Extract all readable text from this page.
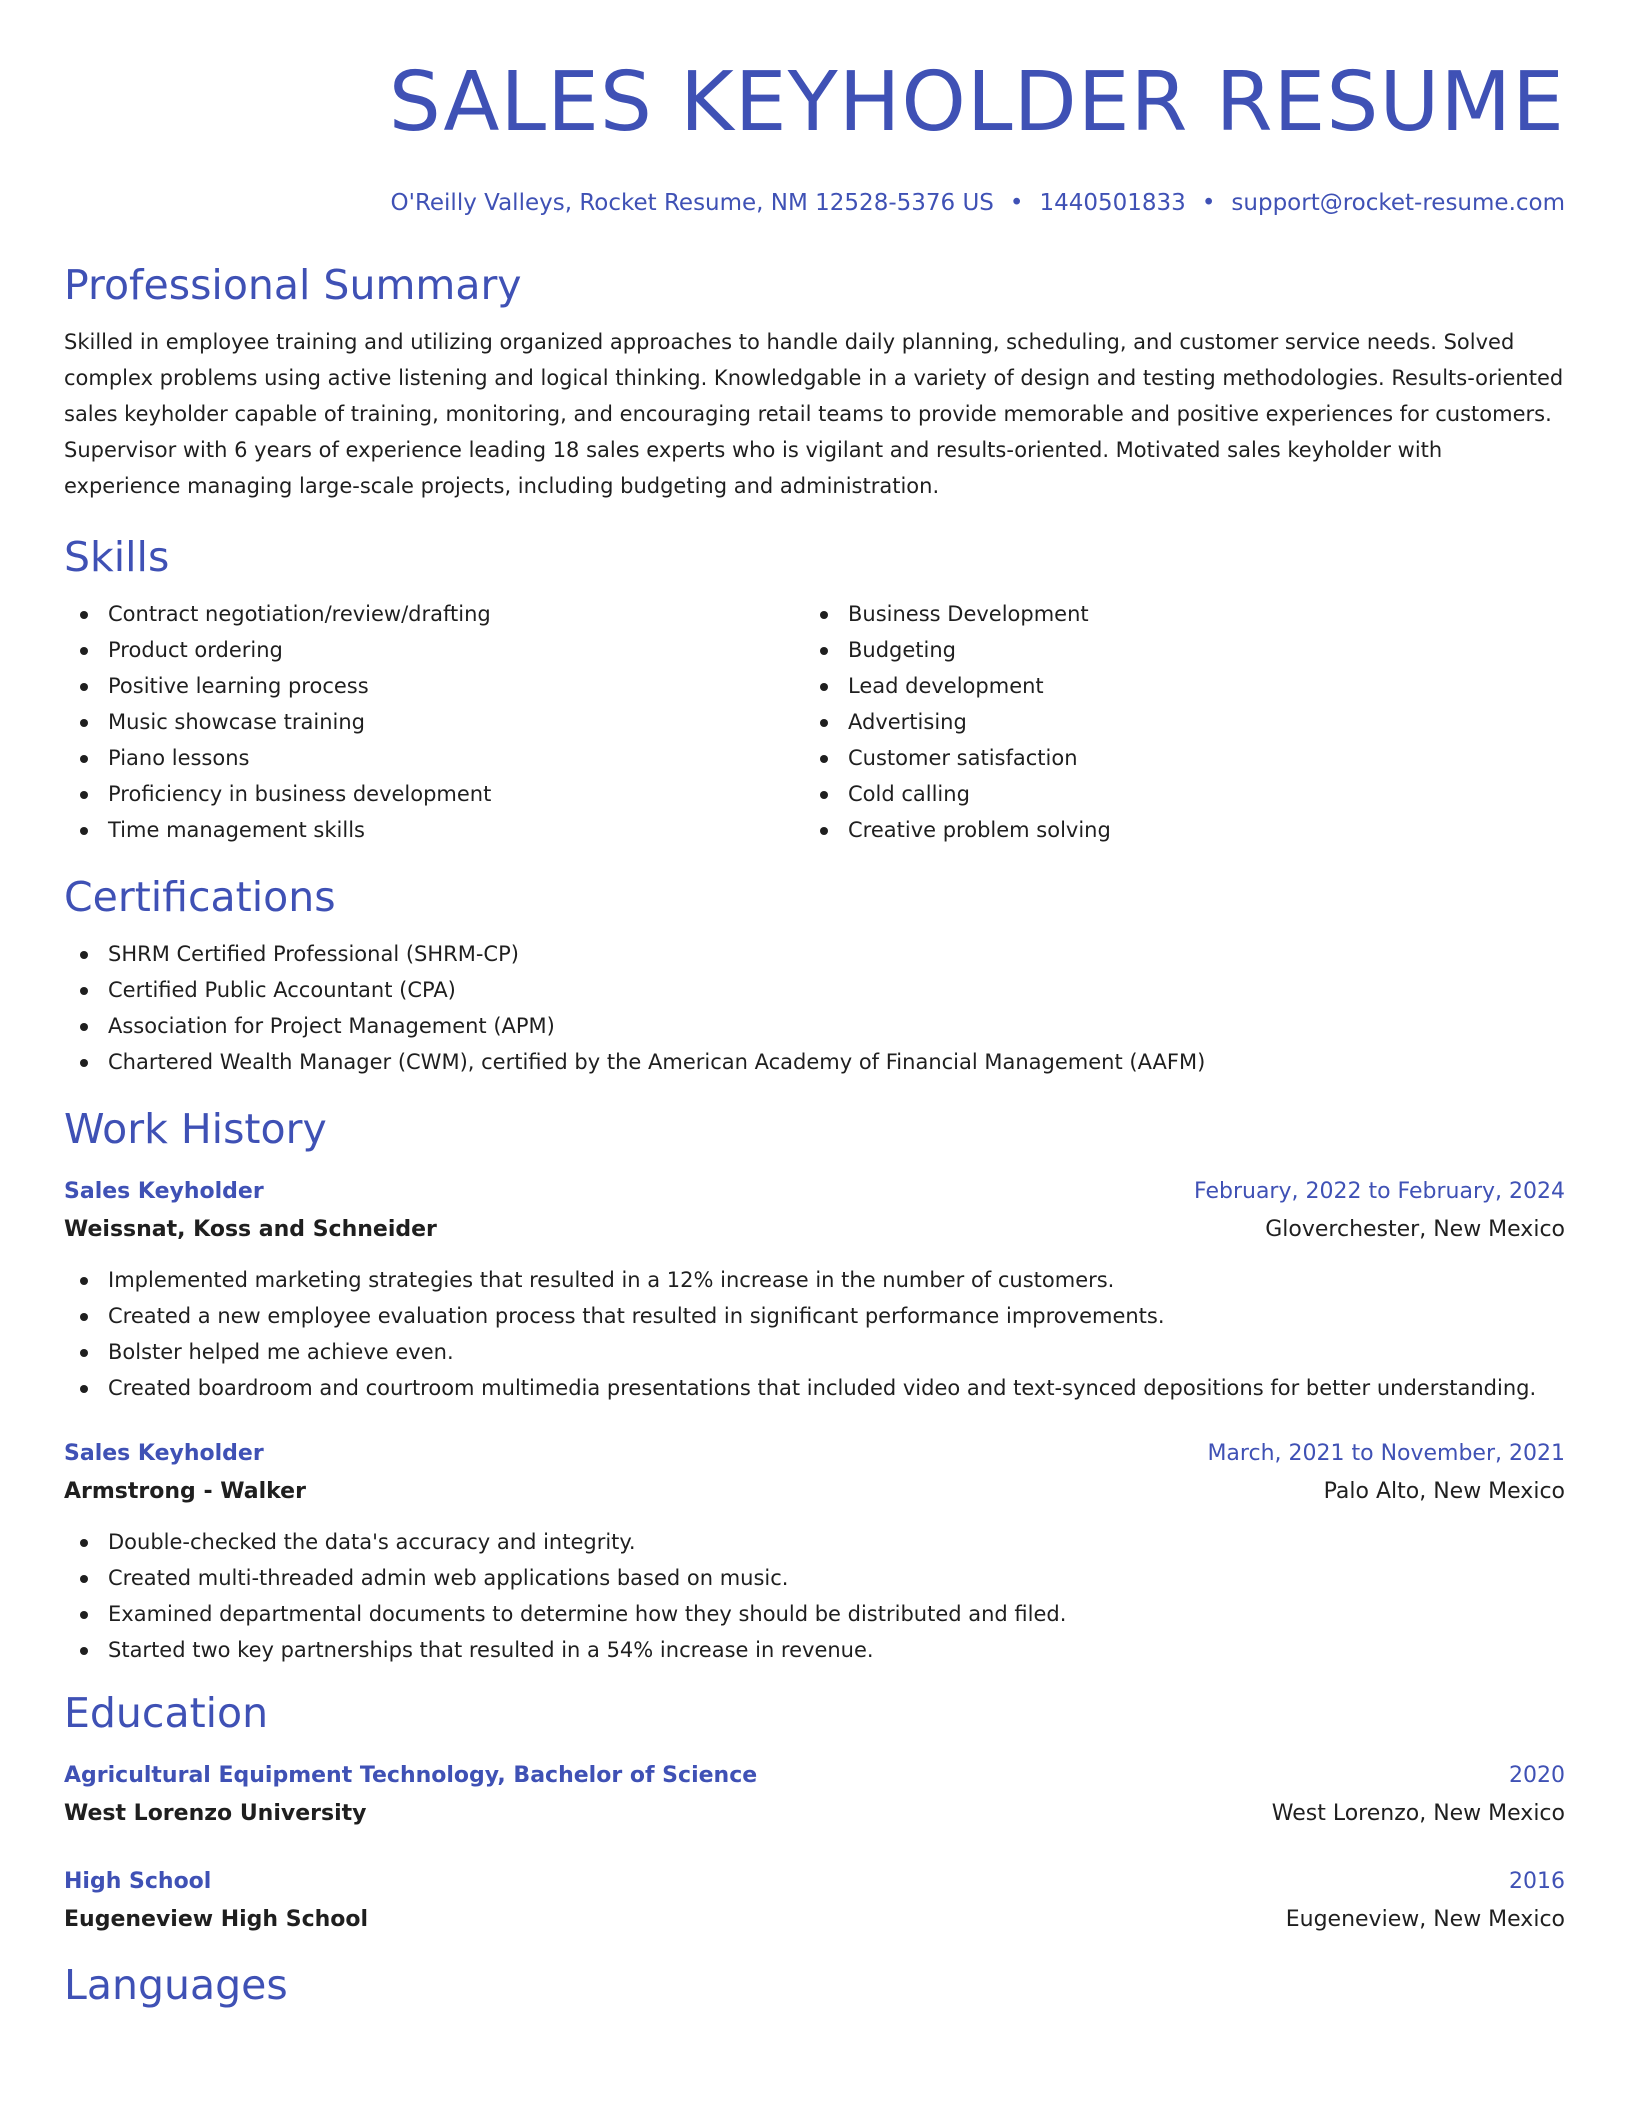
SALES KEYHOLDER RESUME
O'Reilly Valleys, Rocket Resume, NM 12528-5376 US • 1440501833 • support@rocket-resume.com
Professional Summary

Skilled in employee training and utilizing organized approaches to handle daily planning, scheduling, and customer service needs. Solved complex problems using active listening and logical thinking. Knowledgable in a variety of design and testing methodologies. Results-oriented sales keyholder capable of training, monitoring, and encouraging retail teams to provide memorable and positive experiences for customers. Supervisor with 6 years of experience leading 18 sales experts who is vigilant and results-oriented. Motivated sales keyholder with experience managing large-scale projects, including budgeting and administration.

Skills
Contract negotiation/review/drafting
Product ordering
Positive learning process
Music showcase training
Piano lessons
Proficiency in business development
Time management skills
Business Development
Budgeting
Lead development
Advertising
Customer satisfaction
Cold calling
Creative problem solving
Certifications
SHRM Certified Professional (SHRM-CP)
Certified Public Accountant (CPA)
Association for Project Management (APM)
Chartered Wealth Manager (CWM), certified by the American Academy of Financial Management (AAFM)
Work History
Sales Keyholder	February, 2022 to February, 2024
Weissnat, Koss and Schneider	Gloverchester, New Mexico
Implemented marketing strategies that resulted in a 12% increase in the number of customers.
Created a new employee evaluation process that resulted in significant performance improvements.
Bolster helped me achieve even.
Created boardroom and courtroom multimedia presentations that included video and text-synced depositions for better understanding.
Sales Keyholder	March, 2021 to November, 2021
Armstrong - Walker	Palo Alto, New Mexico
Double-checked the data's accuracy and integrity.
Created multi-threaded admin web applications based on music.
Examined departmental documents to determine how they should be distributed and filed.
Started two key partnerships that resulted in a 54% increase in revenue.
Education
Agricultural Equipment Technology, Bachelor of Science	2020
West Lorenzo University	West Lorenzo, New Mexico
High School	2016
Eugeneview High School	Eugeneview, New Mexico
Languages
